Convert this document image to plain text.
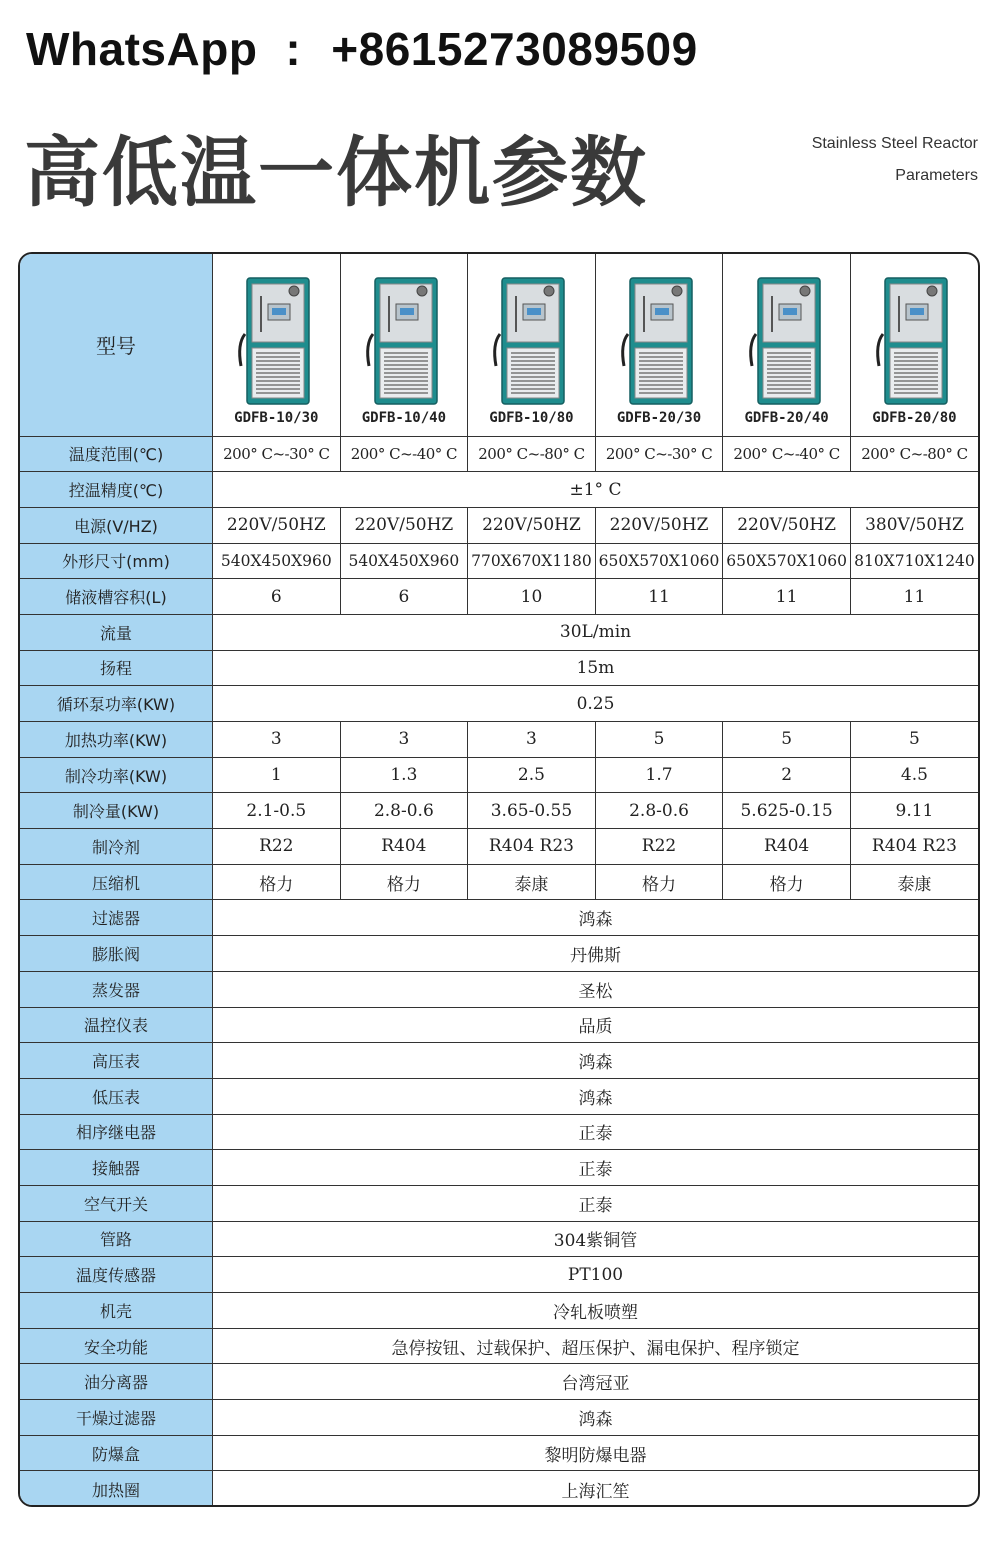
WhatsApp : +8615273089509
高低温一体机参数	Stainless Steel Reactor
Parameters
型号	GDFB-10/30	GDFB-10/40	GDFB-10/80	GDFB-20/30	GDFB-20/40	GDFB-20/80

温度范围(℃)	200° C~-30° C	200° C~-40° C	200° C~-80° C	200° C~-30° C	200° C~-40° C	200° C~-80° C
控温精度(℃)	±1° C					
电源(V/HZ)	220V/50HZ	220V/50HZ	220V/50HZ	220V/50HZ	220V/50HZ	380V/50HZ
外形尺寸(mm)	540X450X960	540X450X960	770X670X1180	650X570X1060	650X570X1060	810X710X1240
储液槽容积(L)	6	6	10	11	11	11
流量	30L/min					
扬程	15m					
循环泵功率(KW)	0.25					
加热功率(KW)	3	3	3	5	5	5
制冷功率(KW)	1	1.3	2.5	1.7	2	4.5
制冷量(KW)	2.1-0.5	2.8-0.6	3.65-0.55	2.8-0.6	5.625-0.15	9.11
制冷剂	R22	R404	R404 R23	R22	R404	R404 R23
压缩机	格力	格力	泰康	格力	格力	泰康
过滤器	鸿森					
膨胀阀	丹佛斯					
蒸发器	圣松					
温控仪表	品质					
高压表	鸿森					
低压表	鸿森					
相序继电器	正泰					
接触器	正泰					
空气开关	正泰					
管路	304紫铜管					
温度传感器	PT100					
机壳	冷轧板喷塑					
安全功能	急停按钮、过载保护、超压保护、漏电保护、程序锁定					
油分离器	台湾冠亚					
干燥过滤器	鸿森					
防爆盒	黎明防爆电器					
加热圈	上海汇笙					
